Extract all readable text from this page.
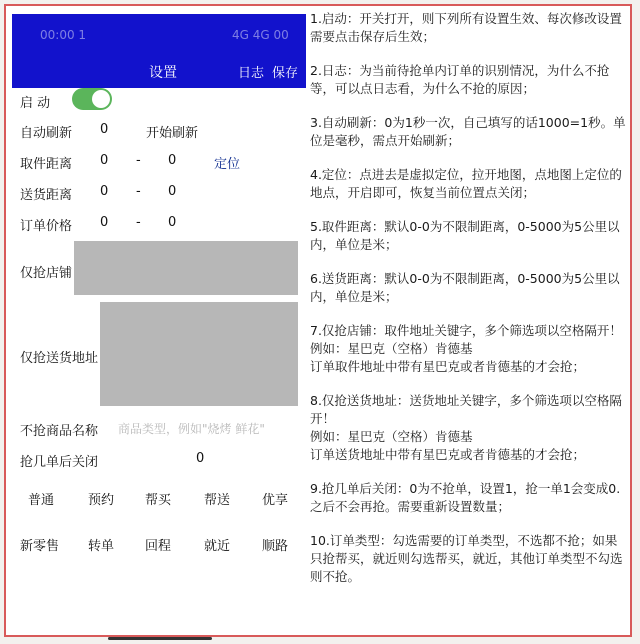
00:00 1	4G 4G 00
设置	日志 保存
启 动
自动刷新 0	开始刷新
取件距离 0 - 0	定位
送货距离 0 - 0
订单价格 0 - 0
仅抢店铺
仅抢送货地址
不抢商品名称 商品类型，例如"烧烤 鲜花"
抢几单后关闭	0
普通	预约 帮买	帮送 优享
新零售 转单 回程	就近 顺路

1.启动：开关打开，则下列所有设置生效、每次修改设置需要点击保存后生效；

2.日志：为当前待抢单内订单的识别情况，为什么不抢等，可以点日志看，为什么不抢的原因；

3.自动刷新：0为1秒一次，自己填写的话1000=1秒。单位是毫秒，需点开始刷新；

4.定位：点进去是虚拟定位，拉开地图，点地图上定位的地点，开启即可，恢复当前位置点关闭；

5.取件距离：默认0-0为不限制距离，0-5000为5公里以内，单位是米；

6.送货距离：默认0-0为不限制距离，0-5000为5公里以内，单位是米；

7.仅抢店铺：取件地址关键字，多个筛选项以空格隔开！
例如：星巴克（空格）肯德基
订单取件地址中带有星巴克或者肯德基的才会抢；

8.仅抢送货地址：送货地址关键字，多个筛选项以空格隔开！
例如：星巴克（空格）肯德基
订单送货地址中带有星巴克或者肯德基的才会抢；

9.抢几单后关闭：0为不抢单，设置1，抢一单1会变成0.之后不会再抢。需要重新设置数量；

10.订单类型：勾选需要的订单类型，不选都不抢；如果只抢帮买，就近则勾选帮买，就近，其他订单类型不勾选则不抢。
